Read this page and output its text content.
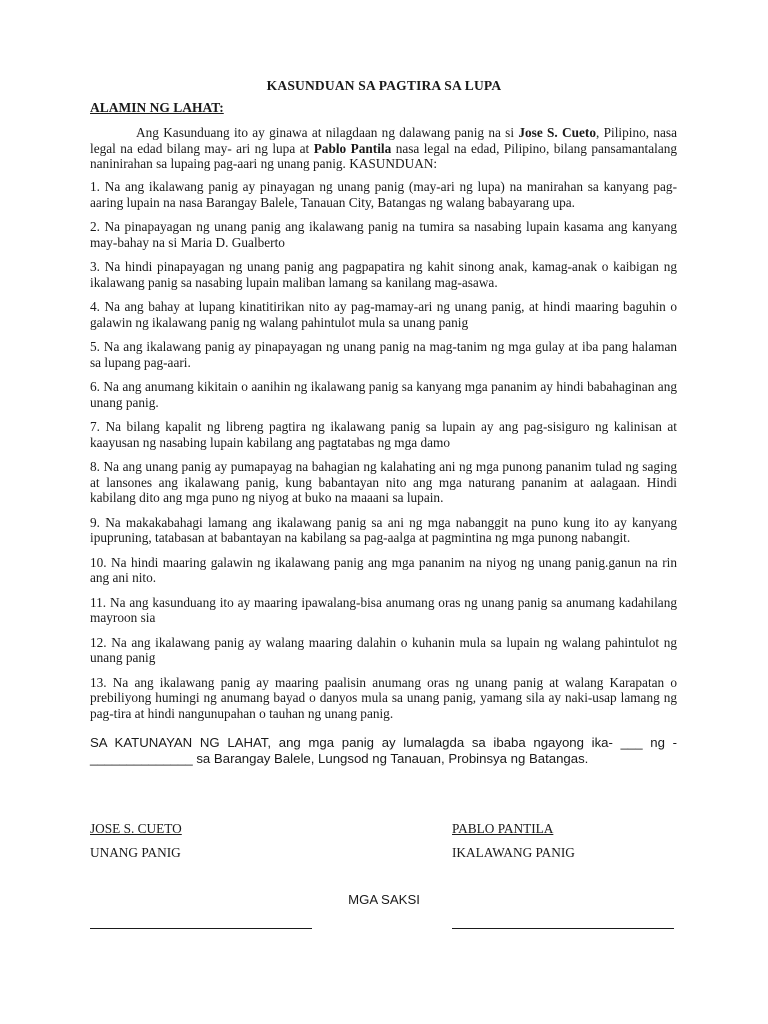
KASUNDUAN SA PAGTIRA SA LUPA
ALAMIN NG LAHAT:
Ang Kasunduang ito ay ginawa at nilagdaan ng dalawang panig na si Jose S. Cueto, Pilipino, nasa legal na edad bilang may- ari ng lupa at Pablo Pantila nasa legal na edad, Pilipino, bilang pansamantalang naninirahan sa lupaing pag-aari ng unang panig. KASUNDUAN:

1. Na ang ikalawang panig ay pinayagan ng unang panig (may-ari ng lupa) na manirahan sa kanyang pag-aaring lupain na nasa Barangay Balele, Tanauan City, Batangas ng walang babayarang upa.

2. Na pinapayagan ng unang panig ang ikalawang panig na tumira sa nasabing lupain kasama ang kanyang may-bahay na si Maria D. Gualberto

3. Na hindi pinapayagan ng unang panig ang pagpapatira ng kahit sinong anak, kamag-anak o kaibigan ng ikalawang panig sa nasabing lupain maliban lamang sa kanilang mag-asawa.

4. Na ang bahay at lupang kinatitirikan nito ay pag-mamay-ari ng unang panig, at hindi maaring baguhin o galawin ng ikalawang panig ng walang pahintulot mula sa unang panig

5. Na ang ikalawang panig ay pinapayagan ng unang panig na mag-tanim ng mga gulay at iba pang halaman sa lupang pag-aari.

6. Na ang anumang kikitain o aanihin ng ikalawang panig sa kanyang mga pananim ay hindi babahaginan ang unang panig.

7. Na bilang kapalit ng libreng pagtira ng ikalawang panig sa lupain ay ang pag-sisiguro ng kalinisan at kaayusan ng nasabing lupain kabilang ang pagtatabas ng mga damo

8. Na ang unang panig ay pumapayag na bahagian ng kalahating ani ng mga punong pananim tulad ng saging at lansones ang ikalawang panig, kung babantayan nito ang mga naturang pananim at aalagaan. Hindi kabilang dito ang mga puno ng niyog at buko na maaani sa lupain.

9. Na makakabahagi lamang ang ikalawang panig sa ani ng mga nabanggit na puno kung ito ay kanyang ipupruning, tatabasan at babantayan na kabilang sa pag-aalga at pagmintina ng mga punong nabangit.

10. Na hindi maaring galawin ng ikalawang panig ang mga pananim na niyog ng unang panig.ganun na rin ang ani nito.

11. Na ang kasunduang ito ay maaring ipawalang-bisa anumang oras ng unang panig sa anumang kadahilang mayroon sia

12. Na ang ikalawang panig ay walang maaring dalahin o kuhanin mula sa lupain ng walang pahintulot ng unang panig

13. Na ang ikalawang panig ay maaring paalisin anumang oras ng unang panig at walang Karapatan o prebiliyong humingi ng anumang bayad o danyos mula sa unang panig, yamang sila ay naki-usap lamang ng pag-tira at hindi nangunupahan o tauhan ng unang panig.

SA KATUNAYAN NG LAHAT, ang mga panig ay lumalagda sa ibaba ngayong ika- ___ ng - ______________ sa Barangay Balele, Lungsod ng Tanauan, Probinsya ng Batangas.
JOSE S. CUETO
UNANG PANIG
PABLO PANTILA
IKALAWANG PANIG
MGA SAKSI
